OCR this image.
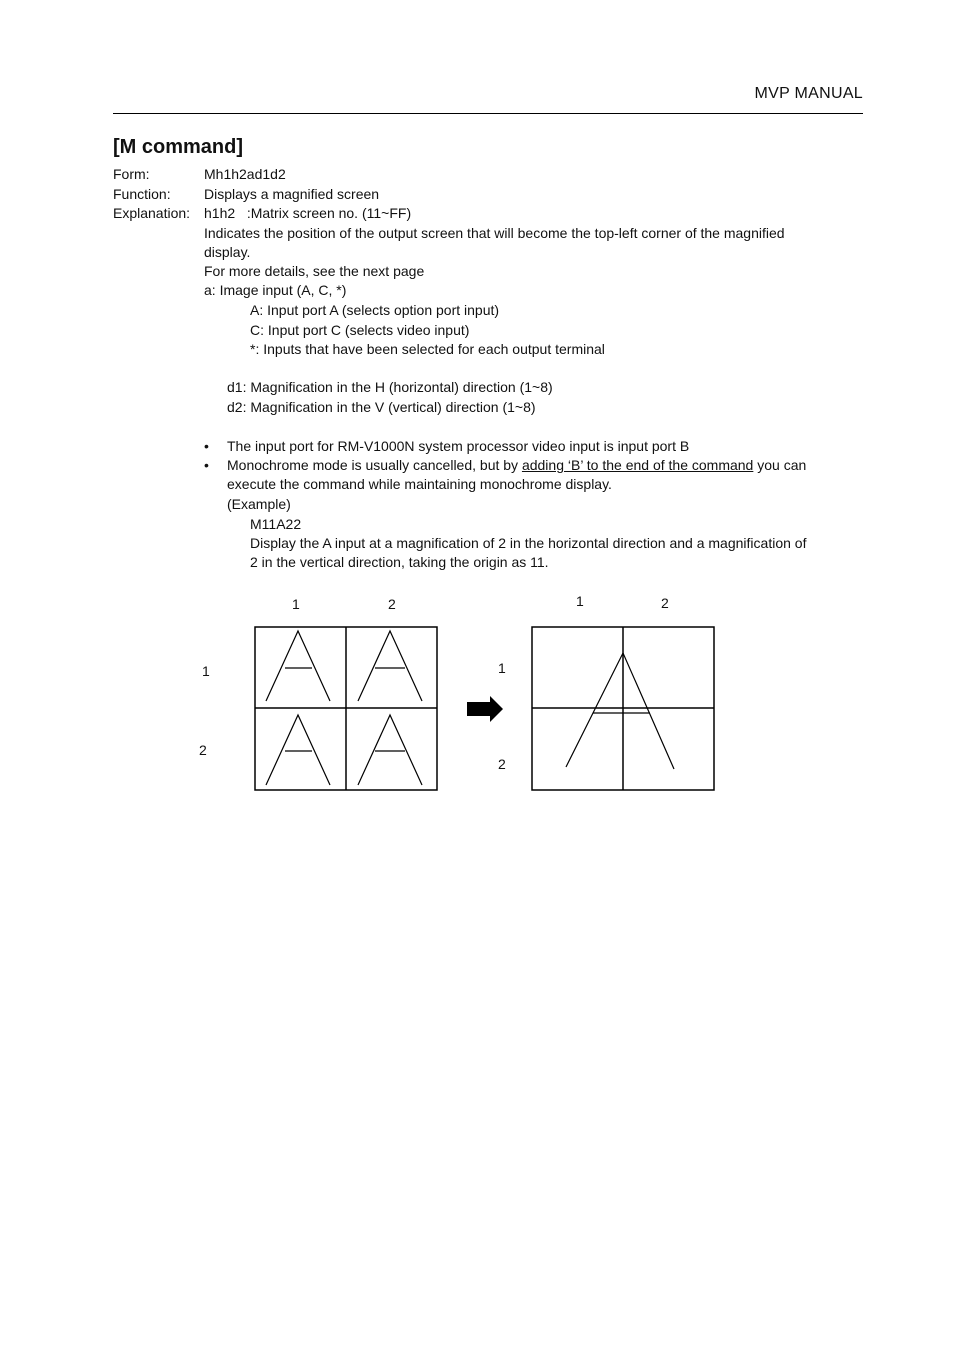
MVP MANUAL
[M command]
Form:	Mh1h2ad1d2
Function: Displays a magnified screen
Explanation: h1h2   :Matrix screen no. (11~FF)
Indicates the position of the output screen that will become the top-left corner of the magnified
display.
For more details, see the next page
a: Image input (A, C, *)
A: Input port A (selects option port input)
C: Input port C (selects video input)
*: Inputs that have been selected for each output terminal
d1: Magnification in the H (horizontal) direction (1~8)
d2: Magnification in the V (vertical) direction (1~8)
• The input port for RM-V1000N system processor video input is input port B
• Monochrome mode is usually cancelled, but by adding ‘B’ to the end of the command you can
execute the command while maintaining monochrome display.
(Example)
M11A22
Display the A input at a magnification of 2 in the horizontal direction and a magnification of
2 in the vertical direction, taking the origin as 11.
1	2
1
2
1	2
1
2
